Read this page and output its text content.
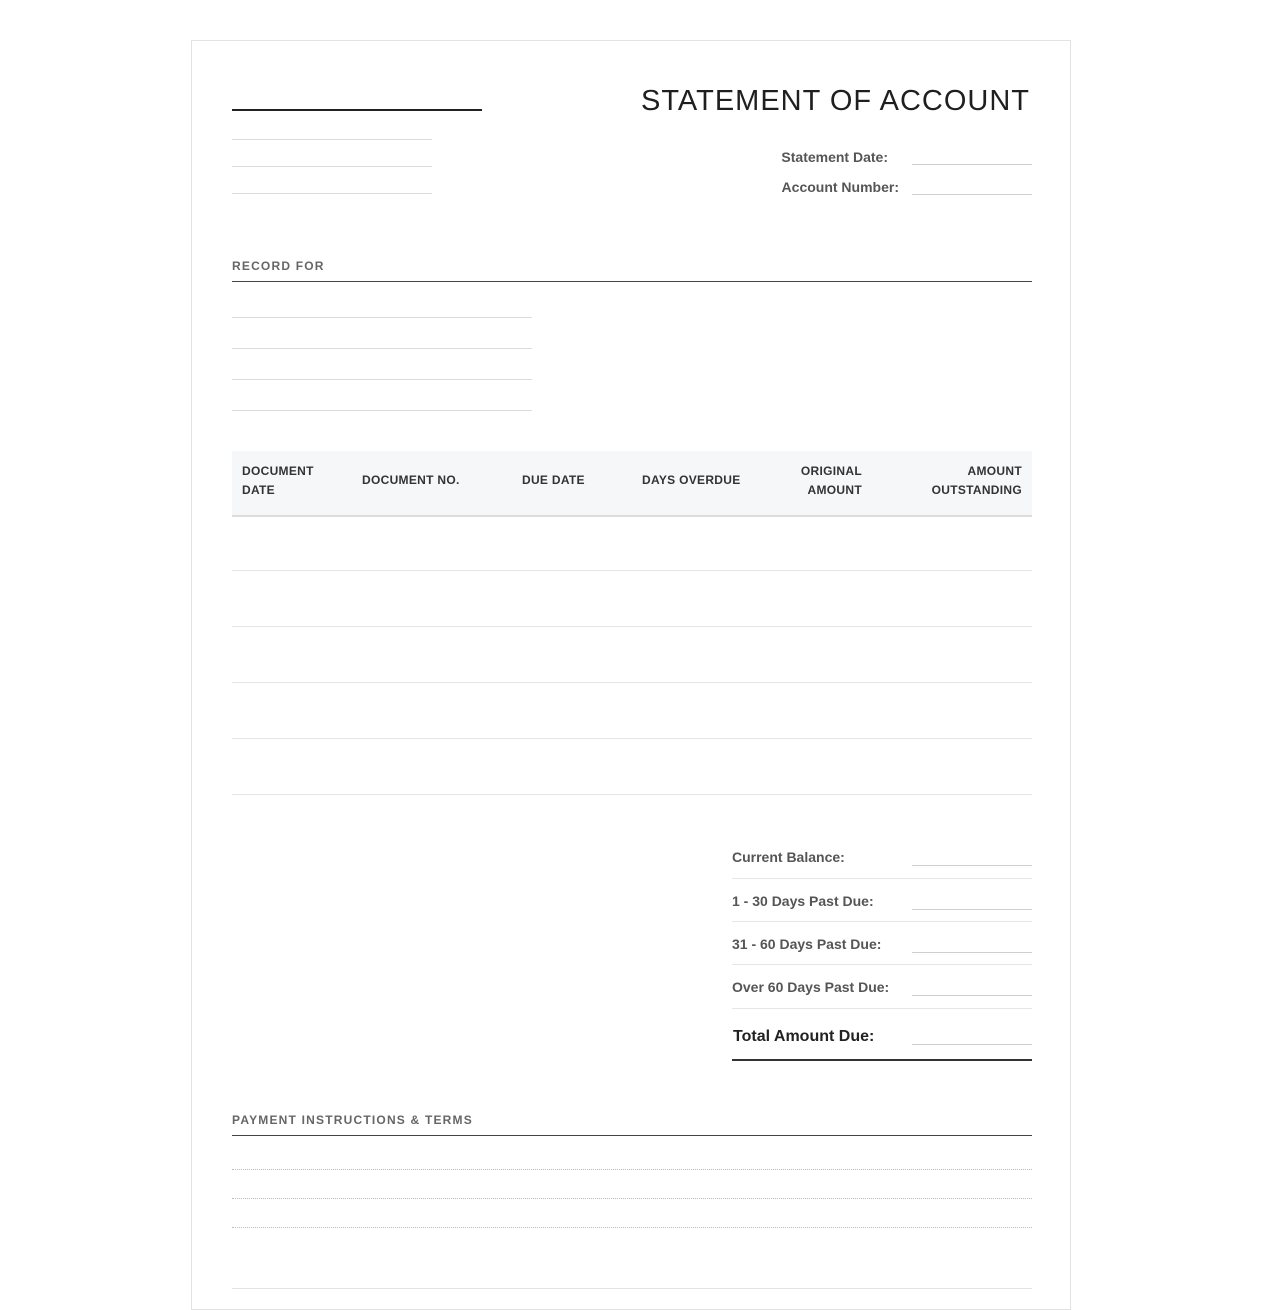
STATEMENT OF ACCOUNT
Statement Date:
Account Number:
RECORD FOR
DOCUMENT DATE
DOCUMENT NO.	DUE DATE	DAYS OVERDUE
ORIGINAL AMOUNT
AMOUNT OUTSTANDING
Current Balance:
1 - 30 Days Past Due:
31 - 60 Days Past Due:
Over 60 Days Past Due:
Total Amount Due:
PAYMENT INSTRUCTIONS & TERMS
